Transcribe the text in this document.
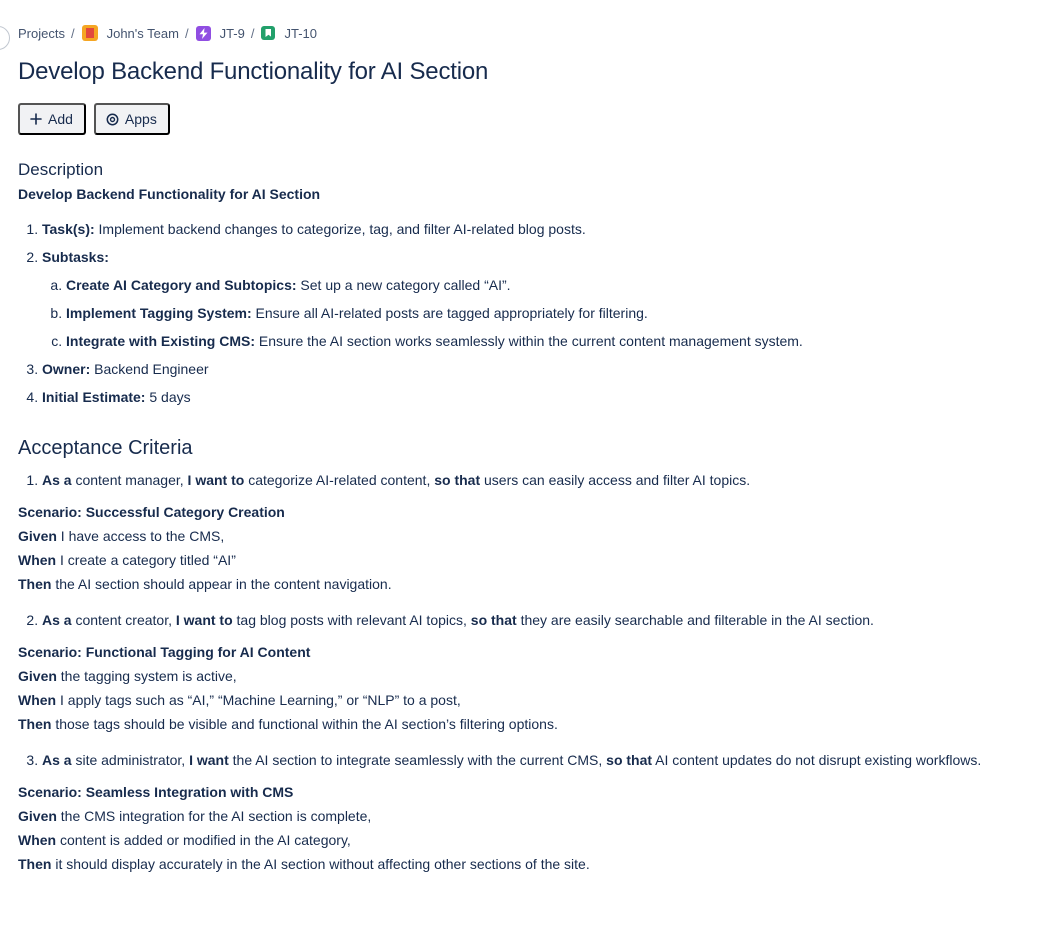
Projects / John's Team / JT-9 / JT-10
Develop Backend Functionality for AI Section
Add	Apps
Description

Develop Backend Functionality for AI Section

1. Task(s): Implement backend changes to categorize, tag, and filter AI-related blog posts.
2. Subtasks:
a. Create AI Category and Subtopics: Set up a new category called “AI”.
b. Implement Tagging System: Ensure all AI-related posts are tagged appropriately for filtering.
c. Integrate with Existing CMS: Ensure the AI section works seamlessly within the current content management system.
3. Owner: Backend Engineer
4. Initial Estimate: 5 days
Acceptance Criteria
1. As a content manager, I want to categorize AI-related content, so that users can easily access and filter AI topics.

Scenario: Successful Category Creation

Given I have access to the CMS,

When I create a category titled “AI”

Then the AI section should appear in the content navigation.

2. As a content creator, I want to tag blog posts with relevant AI topics, so that they are easily searchable and filterable in the AI section.

Scenario: Functional Tagging for AI Content

Given the tagging system is active,

When I apply tags such as “AI,” “Machine Learning,” or “NLP” to a post,

Then those tags should be visible and functional within the AI section’s filtering options.

3. As a site administrator, I want the AI section to integrate seamlessly with the current CMS, so that AI content updates do not disrupt existing workflows.

Scenario: Seamless Integration with CMS

Given the CMS integration for the AI section is complete,

When content is added or modified in the AI category,

Then it should display accurately in the AI section without affecting other sections of the site.
